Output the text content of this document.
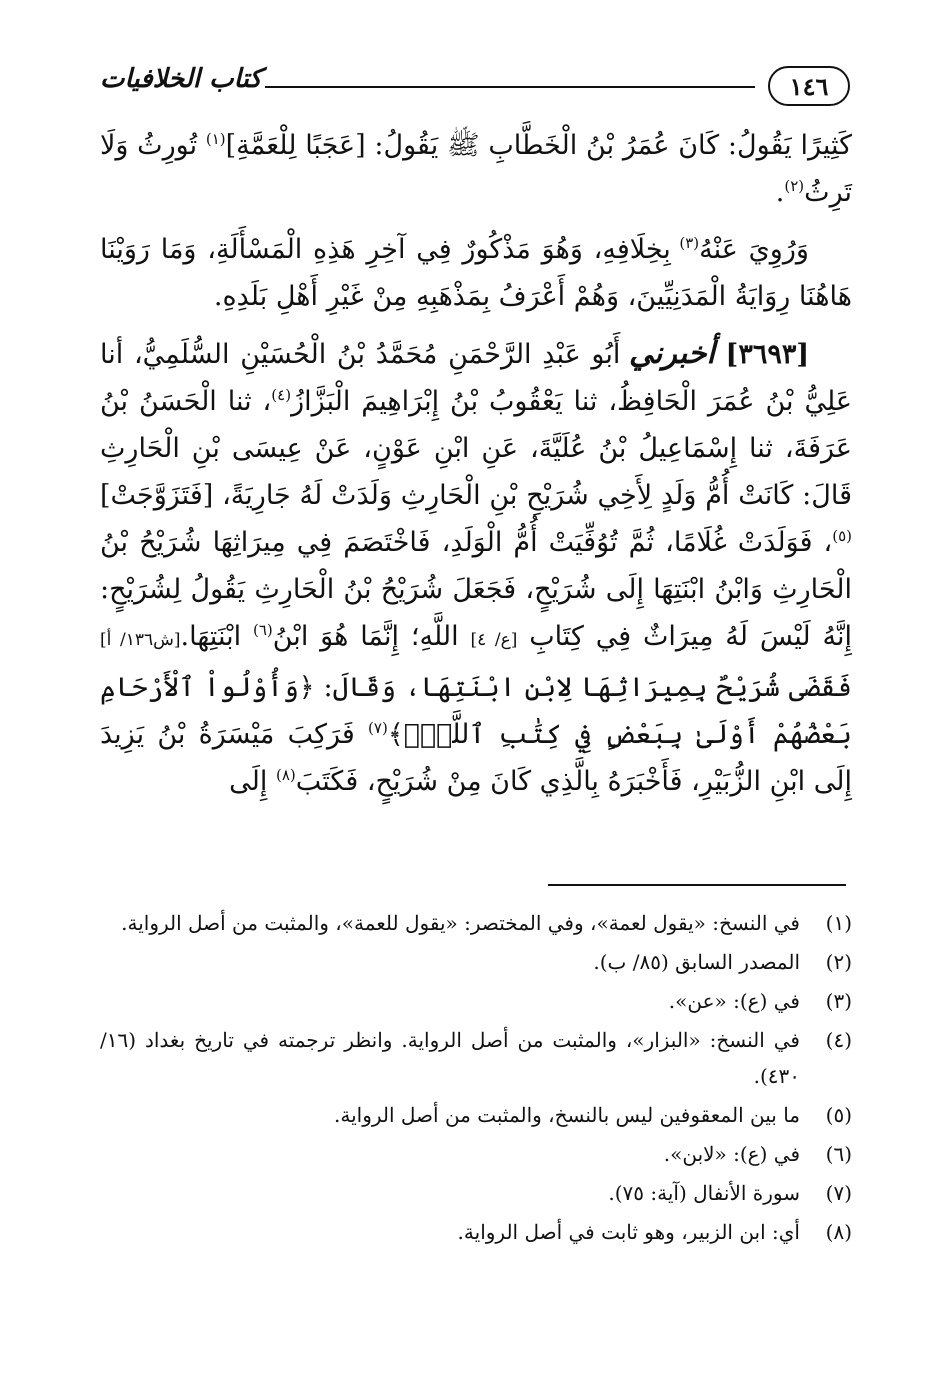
١٤٦
كتاب الخلافيات

كَثِيرًا يَقُولُ: كَانَ عُمَرُ بْنُ الْخَطَّابِ ﷺ يَقُولُ: [عَجَبًا لِلْعَمَّةِ]$^{(١)}$ تُورِثُ وَلَا تَرِثُ$^{(٢)}$.

وَرُوِيَ عَنْهُ$^{(٣)}$ بِخِلَافِهِ، وَهُوَ مَذْكُورٌ فِي آخِرِ هَذِهِ الْمَسْأَلَةِ، وَمَا رَوَيْنَا هَاهُنَا رِوَايَةُ الْمَدَنِيِّينَ، وَهُمْ أَعْرَفُ بِمَذْهَبِهِ مِنْ غَيْرِ أَهْلِ بَلَدِهِ.

[٣٦٩٣] أخبرني أَبُو عَبْدِ الرَّحْمَنِ مُحَمَّدُ بْنُ الْحُسَيْنِ السُّلَمِيُّ، أنا عَلِيُّ بْنُ عُمَرَ الْحَافِظُ، ثنا يَعْقُوبُ بْنُ إِبْرَاهِيمَ الْبَزَّازُ$^{(٤)}$، ثنا الْحَسَنُ بْنُ عَرَفَةَ، ثنا إِسْمَاعِيلُ بْنُ عُلَيَّةَ، عَنِ ابْنِ عَوْنٍ، عَنْ عِيسَى بْنِ الْحَارِثِ قَالَ: كَانَتْ أُمُّ وَلَدٍ لِأَخِي شُرَيْحِ بْنِ الْحَارِثِ وَلَدَتْ لَهُ جَارِيَةً، [فَتَزَوَّجَتْ]$^{(٥)}$، فَوَلَدَتْ غُلَامًا، ثُمَّ تُوُفِّيَتْ أُمُّ الْوَلَدِ، فَاخْتَصَمَ فِي مِيرَاثِهَا شُرَيْحُ بْنُ الْحَارِثِ وَابْنُ ابْنَتِهَا إِلَى شُرَيْحٍ، فَجَعَلَ شُرَيْحُ بْنُ الْحَارِثِ يَقُولُ لِشُرَيْحٍ: إِنَّهُ لَيْسَ لَهُ مِيرَاثٌ فِي كِتَابِ [ع/ ٤] اللَّهِ؛ إِنَّمَا هُوَ ابْنُ$^{(٦)}$ ابْنَتِهَا.[ش١٣٦/ أ] فَقَضَى شُرَيْحٌ بِمِيرَاثِهَا لِابْنِ ابْنَتِهَا، وَقَالَ: ﴿وَأُوْلُواْ ٱلْأَرْحَامِ بَعْضُهُمْ أَوْلَىٰ بِبَعْضٍ فِي كِتَٰبِ ٱللَّهِۚ﴾$^{(٧)}$ فَرَكِبَ مَيْسَرَةُ بْنُ يَزِيدَ إِلَى ابْنِ الزُّبَيْرِ، فَأَخْبَرَهُ بِالَّذِي كَانَ مِنْ شُرَيْحٍ، فَكَتَبَ$^{(٨)}$ إِلَى

(١)
في النسخ: «يقول لعمة»، وفي المختصر: «يقول للعمة»، والمثبت من أصل الرواية.
(٢)
المصدر السابق (٨٥/ ب).
(٣)
في (ع): «عن».
(٤)
في النسخ: «البزار»، والمثبت من أصل الرواية. وانظر ترجمته في تاريخ بغداد (١٦/ ٤٣٠).
(٥)
ما بين المعقوفين ليس بالنسخ، والمثبت من أصل الرواية.
(٦)
في (ع): «لابن».
(٧)
سورة الأنفال (آية: ٧٥).
(٨)
أي: ابن الزبير، وهو ثابت في أصل الرواية.
